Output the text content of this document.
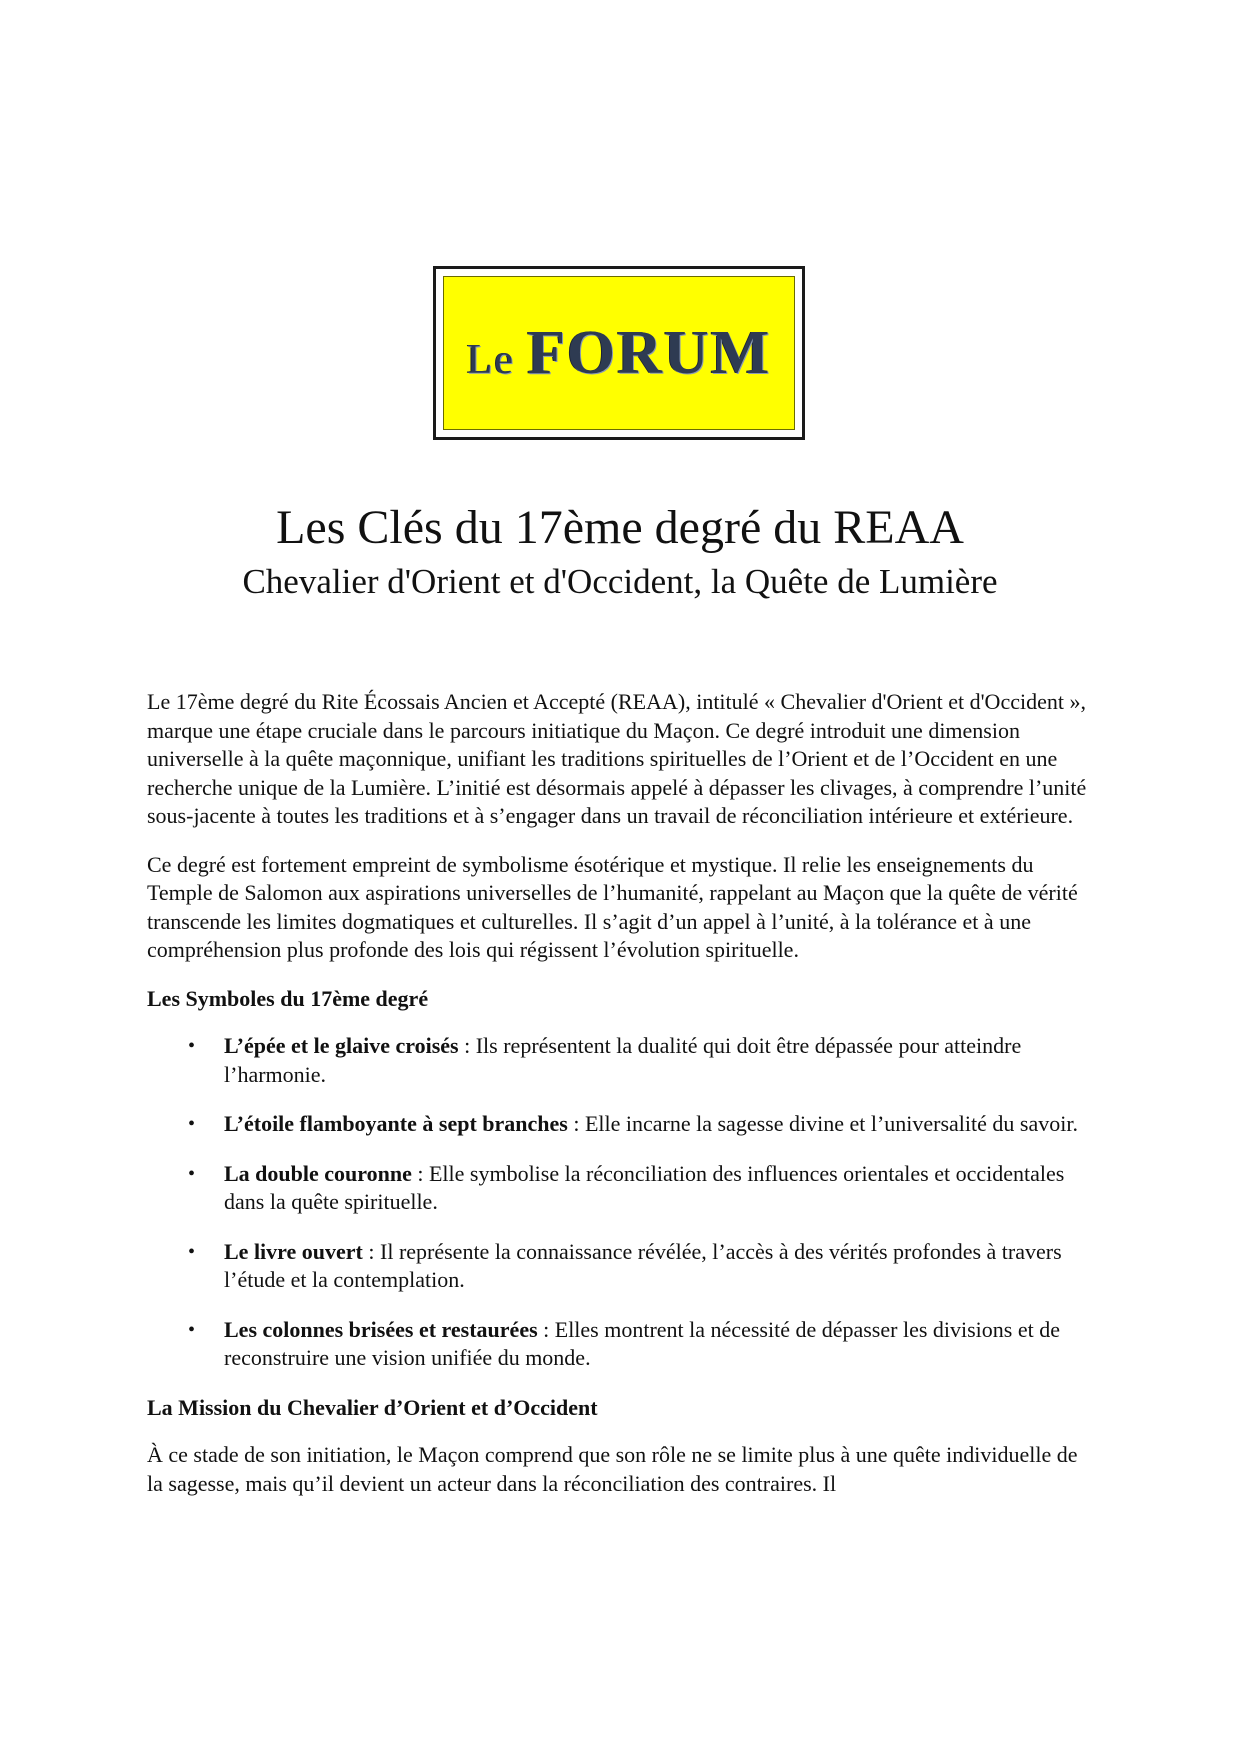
Le FORUM
Les Clés du 17ème degré du REAA
Chevalier d'Orient et d'Occident, la Quête de Lumière

Le 17ème degré du Rite Écossais Ancien et Accepté (REAA), intitulé « Chevalier d'Orient et d'Occident », marque une étape cruciale dans le parcours initiatique du Maçon. Ce degré introduit une dimension universelle à la quête maçonnique, unifiant les traditions spirituelles de l’Orient et de l’Occident en une recherche unique de la Lumière. L’initié est désormais appelé à dépasser les clivages, à comprendre l’unité sous-jacente à toutes les traditions et à s’engager dans un travail de réconciliation intérieure et extérieure.

Ce degré est fortement empreint de symbolisme ésotérique et mystique. Il relie les enseignements du Temple de Salomon aux aspirations universelles de l’humanité, rappelant au Maçon que la quête de vérité transcende les limites dogmatiques et culturelles. Il s’agit d’un appel à l’unité, à la tolérance et à une compréhension plus profonde des lois qui régissent l’évolution spirituelle.

Les Symboles du 17ème degré
• L’épée et le glaive croisés : Ils représentent la dualité qui doit être dépassée pour atteindre l’harmonie.
• L’étoile flamboyante à sept branches : Elle incarne la sagesse divine et l’universalité du savoir.
• La double couronne : Elle symbolise la réconciliation des influences orientales et occidentales dans la quête spirituelle.
• Le livre ouvert : Il représente la connaissance révélée, l’accès à des vérités profondes à travers l’étude et la contemplation.
• Les colonnes brisées et restaurées : Elles montrent la nécessité de dépasser les divisions et de reconstruire une vision unifiée du monde.
La Mission du Chevalier d’Orient et d’Occident

À ce stade de son initiation, le Maçon comprend que son rôle ne se limite plus à une quête individuelle de la sagesse, mais qu’il devient un acteur dans la réconciliation des contraires. Il
